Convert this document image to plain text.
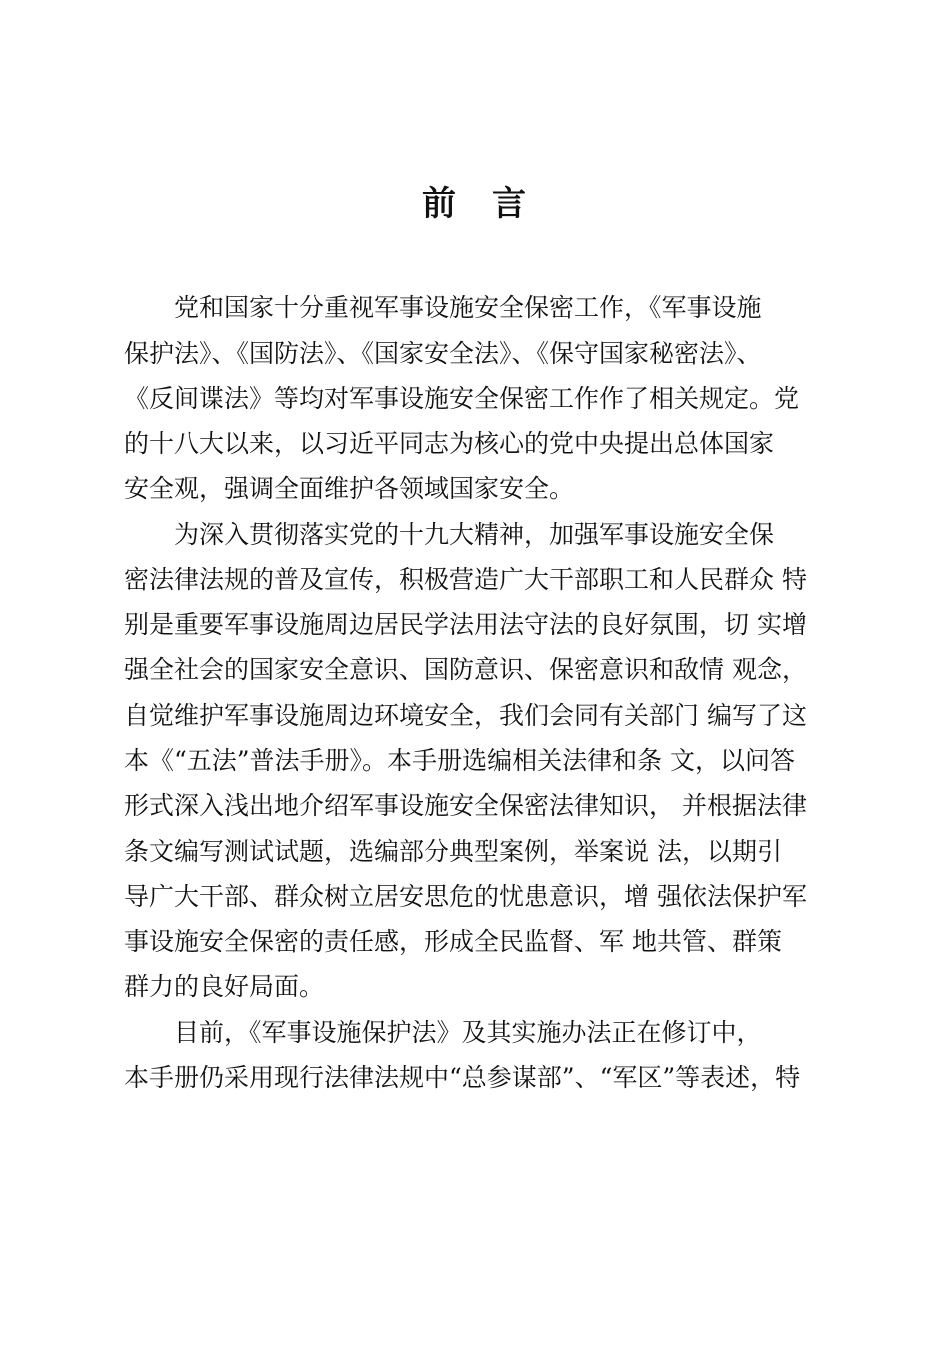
前 言

　　党和国家十分重视军事设施安全保密工作，《军事设施

保护法》、《国防法》、《国家安全法》、《保守国家秘密法》、

《反间谍法》等均对军事设施安全保密工作作了相关规定。党

的十八大以来，以习近平同志为核心的党中央提出总体国家

安全观，强调全面维护各领域国家安全。

　　为深入贯彻落实党的十九大精神，加强军事设施安全保

密法律法规的普及宣传，积极营造广大干部职工和人民群众 特

别是重要军事设施周边居民学法用法守法的良好氛围，切 实增

强全社会的国家安全意识、国防意识、保密意识和敌情 观念，

自觉维护军事设施周边环境安全，我们会同有关部门 编写了这

本《“五法”普法手册》。本手册选编相关法律和条 文，以问答

形式深入浅出地介绍军事设施安全保密法律知识， 并根据法律

条文编写测试试题，选编部分典型案例，举案说 法，以期引

导广大干部、群众树立居安思危的忧患意识，增 强依法保护军

事设施安全保密的责任感，形成全民监督、军 地共管、群策

群力的良好局面。

　　目前，《军事设施保护法》及其实施办法正在修订中，

本手册仍采用现行法律法规中“总参谋部”、“军区”等表述，特
